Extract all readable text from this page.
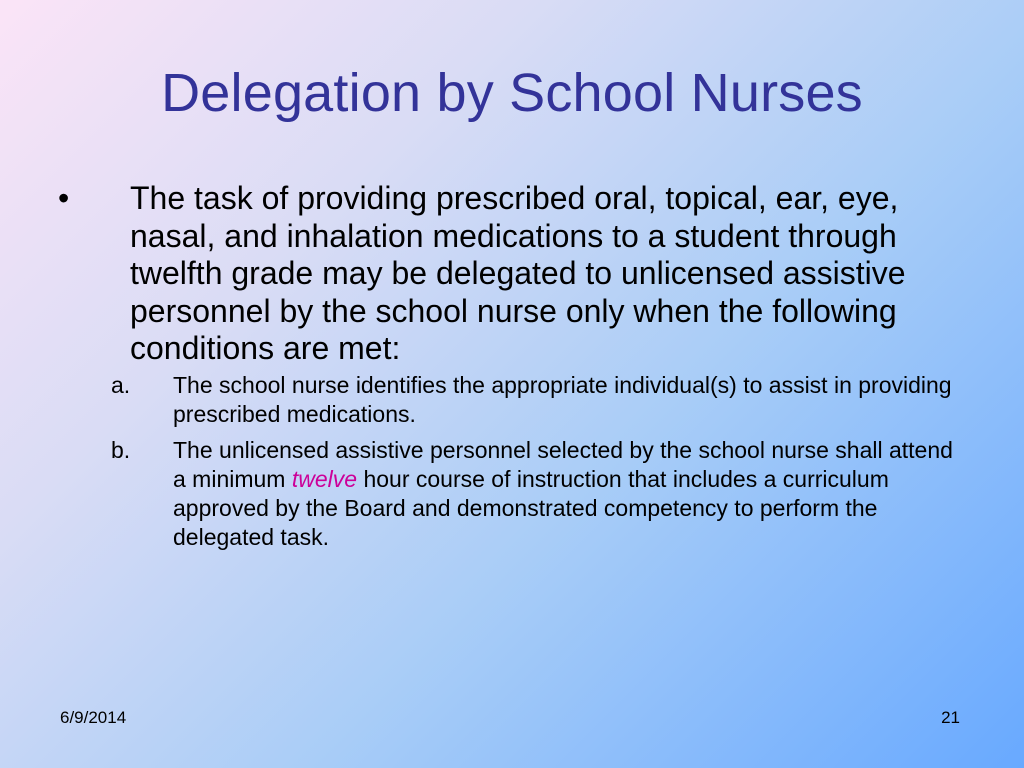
Delegation by School Nurses
•	The task of providing prescribed oral, topical, ear, eye, nasal, and inhalation medications to a student through twelfth grade may be delegated to unlicensed assistive personnel by the school nurse only when the following conditions are met:
a.	The school nurse identifies the appropriate individual(s) to assist in providing prescribed medications.
b.	The unlicensed assistive personnel selected by the school nurse shall attend a minimum twelve hour course of instruction that includes a curriculum approved by the Board and demonstrated competency to perform the delegated task.
6/9/2014	21
